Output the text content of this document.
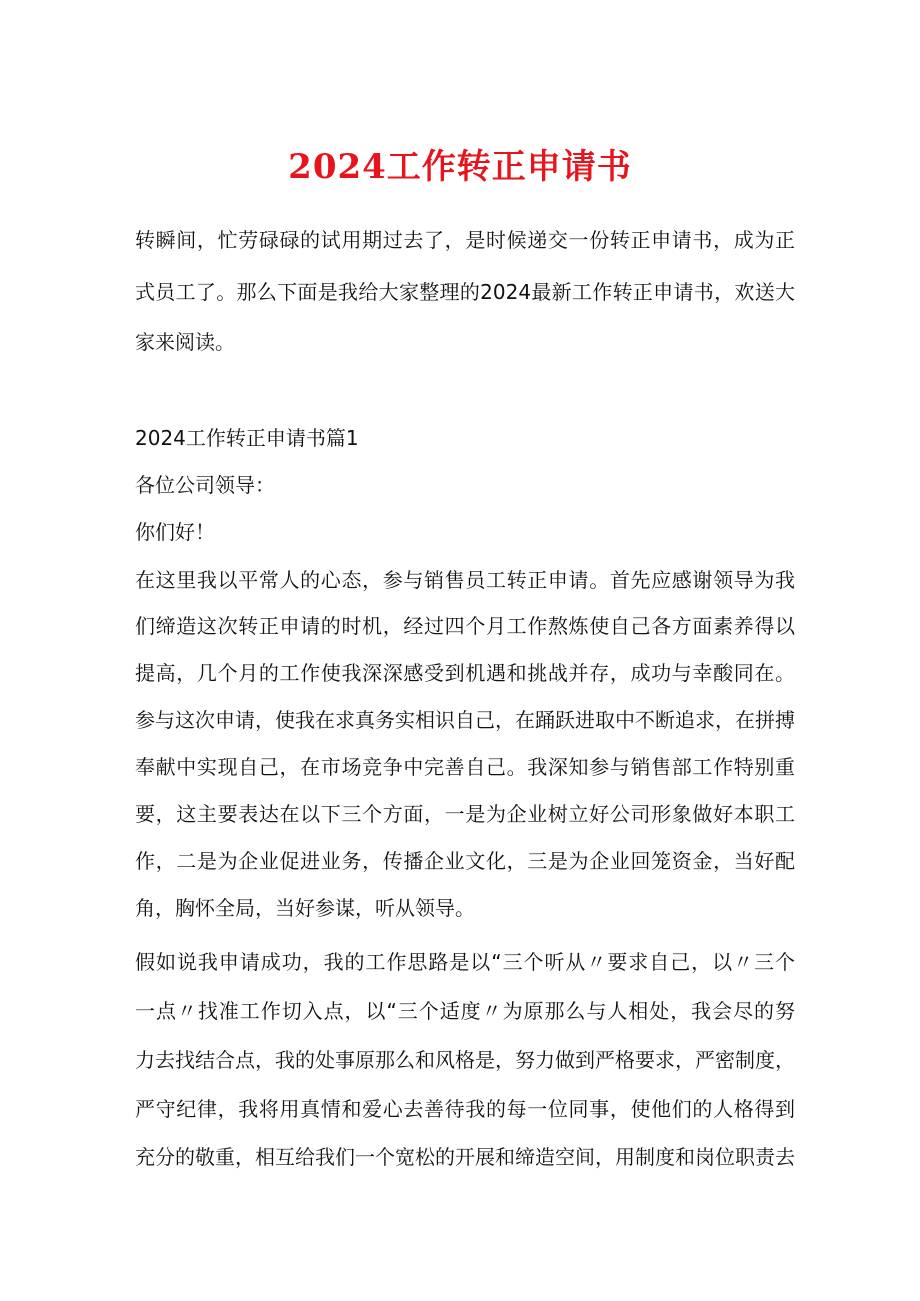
2024工作转正申请书
转瞬间，忙劳碌碌的试用期过去了，是时候递交一份转正申请书，成为正
式员工了。那么下面是我给大家整理的2024最新工作转正申请书，欢送大
家来阅读。
2024工作转正申请书篇1
各位公司领导：
你们好！
在这里我以平常人的心态，参与销售员工转正申请。首先应感谢领导为我
们缔造这次转正申请的时机，经过四个月工作熬炼使自己各方面素养得以
提高，几个月的工作使我深深感受到机遇和挑战并存，成功与幸酸同在。
参与这次申请，使我在求真务实相识自己，在踊跃进取中不断追求，在拼搏
奉献中实现自己，在市场竞争中完善自己。我深知参与销售部工作特别重
要，这主要表达在以下三个方面，一是为企业树立好公司形象做好本职工
作，二是为企业促进业务，传播企业文化，三是为企业回笼资金，当好配
角，胸怀全局，当好参谋，听从领导。
假如说我申请成功，我的工作思路是以“三个听从〃要求自己，以〃三个
一点〃找准工作切入点，以“三个适度〃为原那么与人相处，我会尽的努
力去找结合点，我的处事原那么和风格是，努力做到严格要求，严密制度，
严守纪律，我将用真情和爱心去善待我的每一位同事，使他们的人格得到
充分的敬重，相互给我们一个宽松的开展和缔造空间，用制度和岗位职责去
